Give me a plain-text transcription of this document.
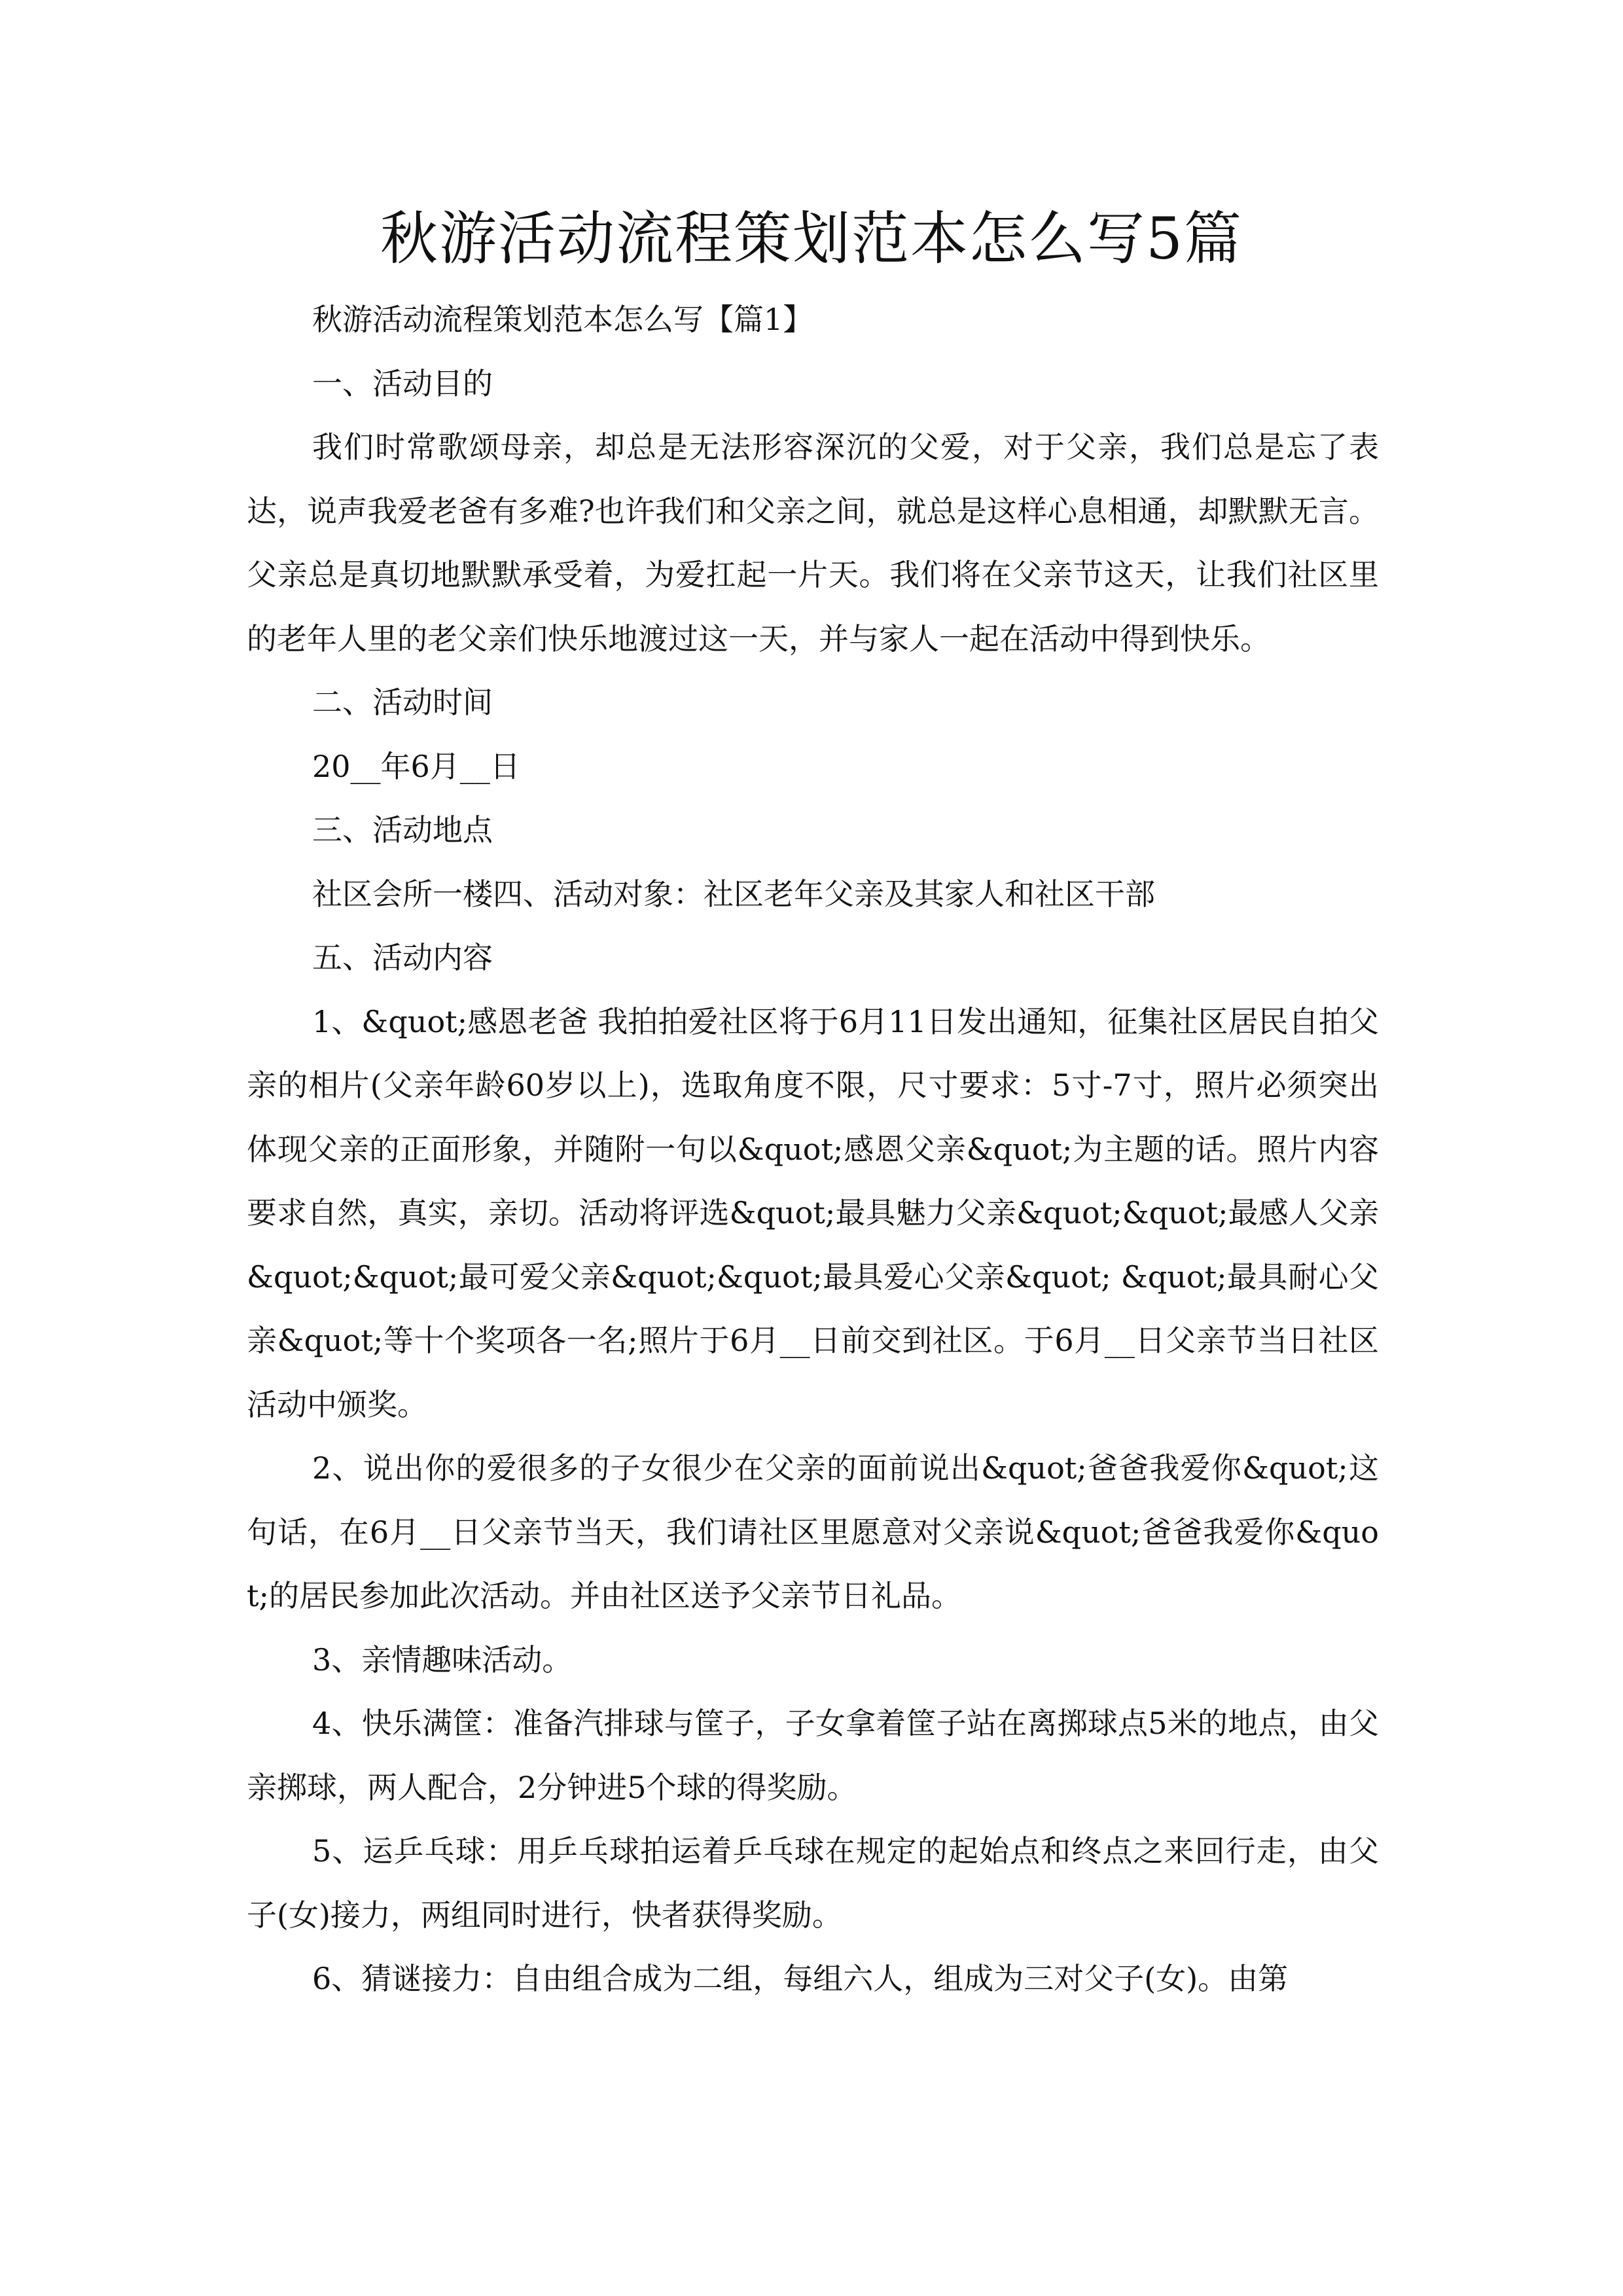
秋游活动流程策划范本怎么写5篇

秋游活动流程策划范本怎么写【篇1】

一、活动目的

我们时常歌颂母亲，却总是无法形容深沉的父爱，对于父亲，我们总是忘了表达，说声我爱老爸有多难?也许我们和父亲之间，就总是这样心息相通，却默默无言。父亲总是真切地默默承受着，为爱扛起一片天。我们将在父亲节这天，让我们社区里的老年人里的老父亲们快乐地渡过这一天，并与家人一起在活动中得到快乐。

二、活动时间

20__年6月__日

三、活动地点

社区会所一楼四、活动对象：社区老年父亲及其家人和社区干部

五、活动内容

1、&quot;感恩老爸 我拍拍爱社区将于6月11日发出通知，征集社区居民自拍父亲的相片(父亲年龄60岁以上)，选取角度不限，尺寸要求：5寸-7寸，照片必须突出体现父亲的正面形象，并随附一句以&quot;感恩父亲&quot;为主题的话。照片内容要求自然，真实，亲切。活动将评选&quot;最具魅力父亲&quot;&quot;最感人父亲&quot;&quot;最可爱父亲&quot;&quot;最具爱心父亲&quot; &quot;最具耐心父亲&quot;等十个奖项各一名;照片于6月__日前交到社区。于6月__日父亲节当日社区活动中颁奖。

2、说出你的爱很多的子女很少在父亲的面前说出&quot;爸爸我爱你&quot;这句话，在6月__日父亲节当天，我们请社区里愿意对父亲说&quot;爸爸我爱你&quot;的居民参加此次活动。并由社区送予父亲节日礼品。

3、亲情趣味活动。

4、快乐满筐：准备汽排球与筐子，子女拿着筐子站在离掷球点5米的地点，由父亲掷球，两人配合，2分钟进5个球的得奖励。

5、运乒乓球：用乒乓球拍运着乒乓球在规定的起始点和终点之来回行走，由父子(女)接力，两组同时进行，快者获得奖励。

6、猜谜接力：自由组合成为二组，每组六人，组成为三对父子(女)。由第
